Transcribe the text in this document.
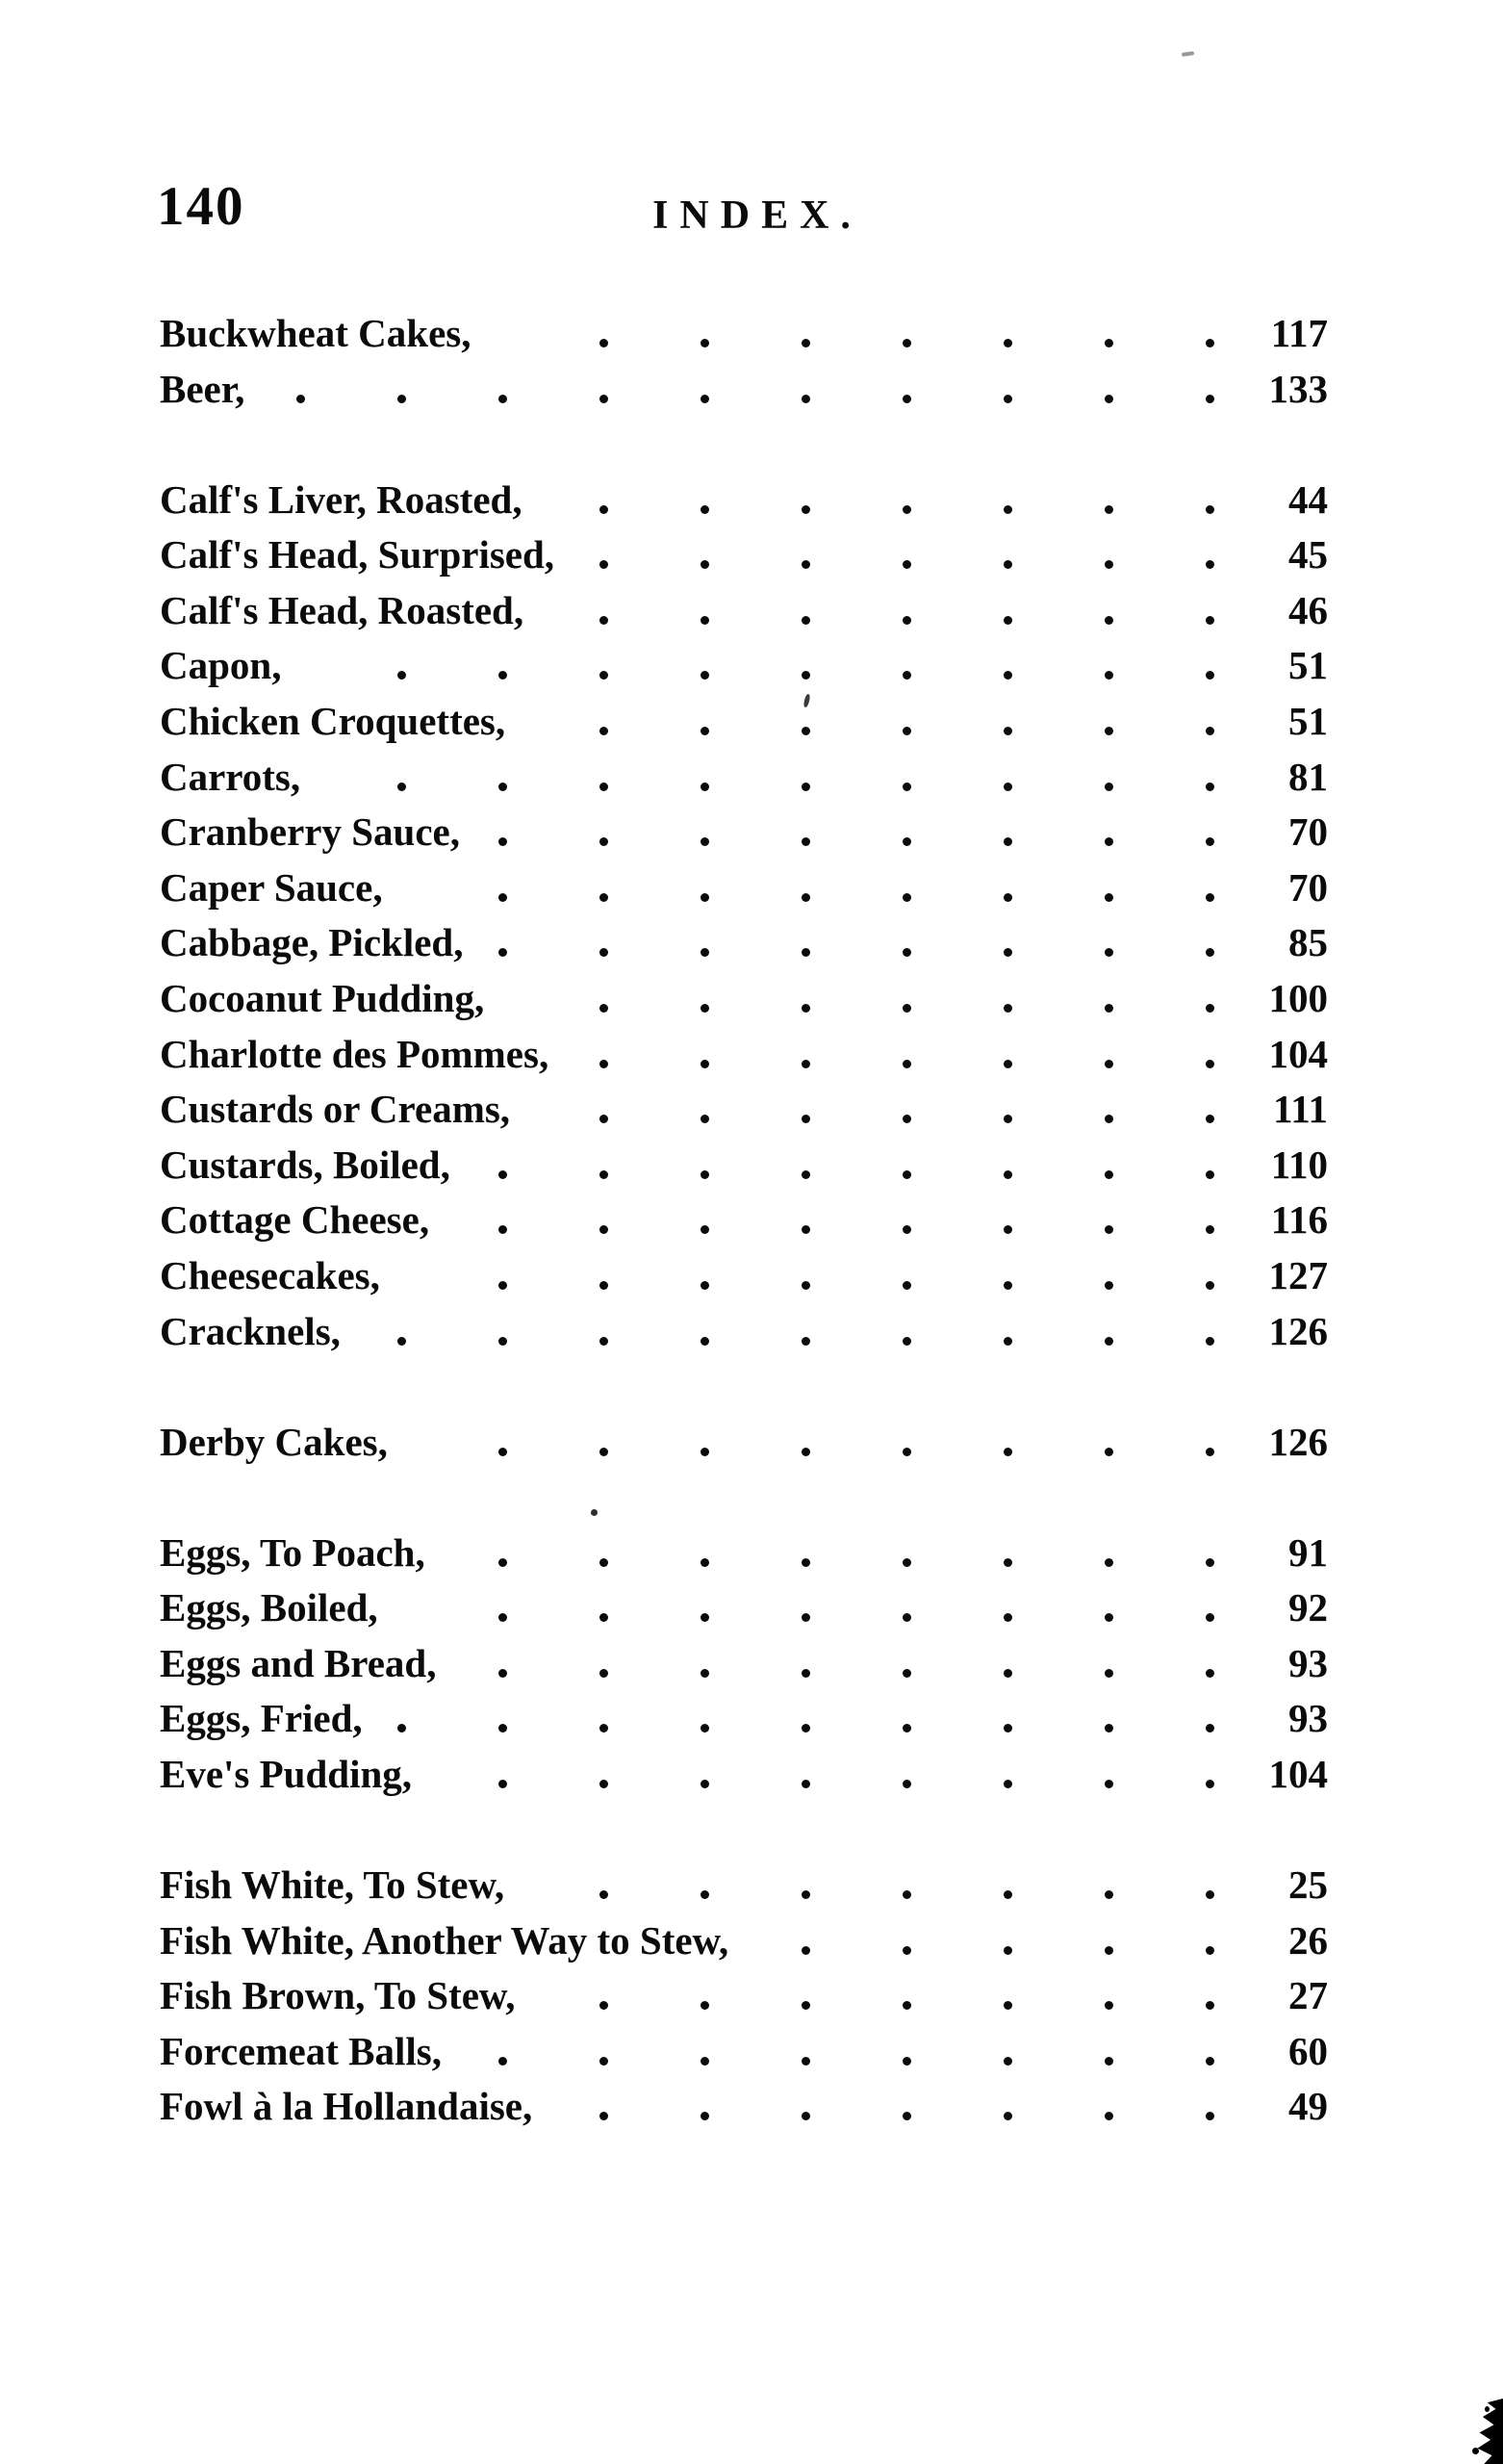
140	INDEX.
Buckwheat Cakes,	117
Beer,	133
Calf's Liver, Roasted,	44
Calf's Head, Surprised,	45
Calf's Head, Roasted,	46
Capon,	51
Chicken Croquettes,	51
Carrots,	81
Cranberry Sauce,	70
Caper Sauce,	70
Cabbage, Pickled,	85
Cocoanut Pudding,	100
Charlotte des Pommes,	104
Custards or Creams,	111
Custards, Boiled,	110
Cottage Cheese,	116
Cheesecakes,	127
Cracknels,	126
Derby Cakes,	126
Eggs, To Poach,	91
Eggs, Boiled,	92
Eggs and Bread,	93
Eggs, Fried,	93
Eve's Pudding,	104
Fish White, To Stew,	25
Fish White, Another Way to Stew,	26
Fish Brown, To Stew,	27
Forcemeat Balls,	60
Fowl à la Hollandaise,	49
